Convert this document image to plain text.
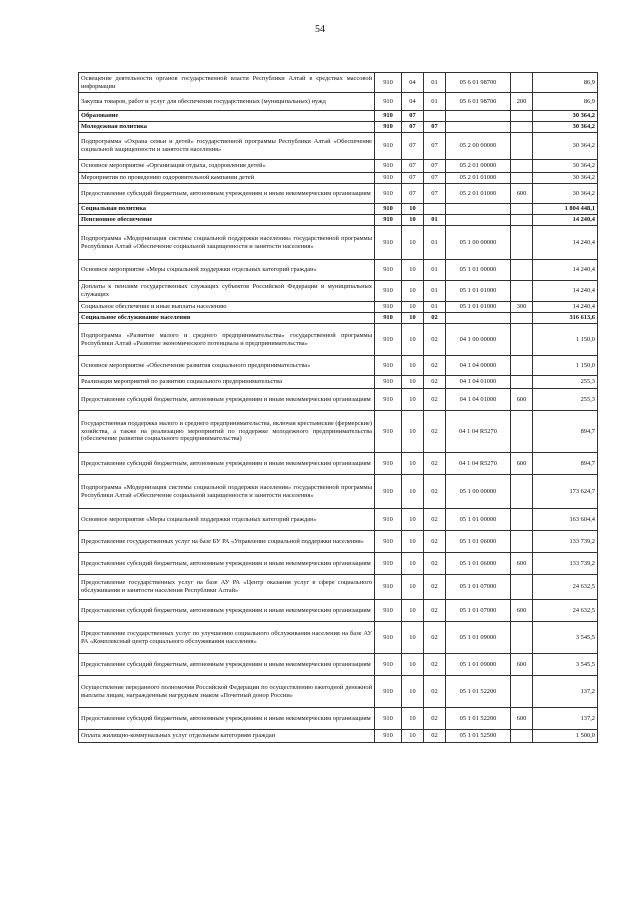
54
Освещение деятельности органов государственной власти Республики Алтай в средствах массовой информации	910	04	01	05 6 01 98700		86,9
Закупка товаров, работ и услуг для обеспечения государственных (муниципальных) нужд	910	04	01	05 6 01 98700	200	86,9
Образование	910	07				30 364,2
Молодежная политика	910	07	07			30 364,2
Подпрограмма «Охрана семьи и детей» государственной программы Республики Алтай «Обеспечение социальной защищенности и занятости населения»	910	07	07	05 2 00 00000		30 364,2
Основное мероприятие «Организация отдыха, оздоровления детей»	910	07	07	05 2 01 00000		30 364,2
Мероприятия по проведению оздоровительной кампании детей	910	07	07	05 2 01 01000		30 364,2
Предоставление субсидий бюджетным, автономным учреждениям и иным некоммерческим организациям	910	07	07	05 2 01 01000	600	30 364,2
Социальная политика	910	10				1 804 448,1
Пенсионное обеспечение	910	10	01			14 240,4
Подпрограмма «Модернизация системы социальной поддержки населения» государственной программы Республики Алтай «Обеспечение социальной защищенности и занятости населения»	910	10	01	05 1 00 00000		14 240,4
Основное мероприятие «Меры социальной поддержки отдельных категорий граждан»	910	10	01	05 1 01 00000		14 240,4
Доплаты к пенсиям государственных служащих субъектов Российской Федерации и муниципальных служащих	910	10	01	05 1 01 01000		14 240,4
Социальное обеспечение и иные выплаты населению	910	10	01	05 1 01 01000	300	14 240,4
Социальное обслуживание населения	910	10	02			316 613,6
Подпрограмма «Развитие малого и среднего предпринимательства» государственной программы Республики Алтай «Развитие экономического потенциала и предпринимательства»	910	10	02	04 1 00 00000		1 150,0
Основное мероприятие «Обеспечение развития социального предпринимательства»	910	10	02	04 1 04 00000		1 150,0
Реализация мероприятий по развитию социального предпринимательства	910	10	02	04 1 04 01000		255,3
Предоставление субсидий бюджетным, автономным учреждениям и иным некоммерческим организациям	910	10	02	04 1 04 01000	600	255,3
Государственная поддержка малого и среднего предпринимательства, включая крестьянские (фермерские) хозяйства, а также на реализацию мероприятий по поддержке молодежного предпринимательства (обеспечение развития социального предпринимательства)	910	10	02	04 1 04 R5270		894,7
Предоставление субсидий бюджетным, автономным учреждениям и иным некоммерческим организациям	910	10	02	04 1 04 R5270	600	894,7
Подпрограмма «Модернизация системы социальной поддержки населения» государственной программы Республики Алтай «Обеспечение социальной защищенности и занятости населения»	910	10	02	05 1 00 00000		173 624,7
Основное мероприятие «Меры социальной поддержки отдельных категорий граждан»	910	10	02	05 1 01 00000		163 604,4
Предоставление государственных услуг на базе БУ РА «Управление социальной поддержки населения»	910	10	02	05 1 01 06000		133 739,2
Предоставление субсидий бюджетным, автономным учреждениям и иным некоммерческим организациям	910	10	02	05 1 01 06000	600	133 739,2
Предоставление государственных услуг на базе АУ РА «Центр оказания услуг в сфере социального обслуживания и занятости населения Республики Алтай»	910	10	02	05 1 01 07000		24 632,5
Предоставление субсидий бюджетным, автономным учреждениям и иным некоммерческим организациям	910	10	02	05 1 01 07000	600	24 632,5
Предоставление государственных услуг по улучшению социального обслуживания населения на базе АУ РА «Комплексный центр социального обслуживания населения»	910	10	02	05 1 01 09000		3 545,5
Предоставление субсидий бюджетным, автономным учреждениям и иным некоммерческим организациям	910	10	02	05 1 01 09000	600	3 545,5
Осуществление переданного полномочия Российской Федерации по осуществлению ежегодной денежной выплаты лицам, награжденным нагрудным знаком «Почетный донор России»	910	10	02	05 1 01 52200		137,2
Предоставление субсидий бюджетным, автономным учреждениям и иным некоммерческим организациям	910	10	02	05 1 01 52200	600	137,2
Оплата жилищно-коммунальных услуг отдельным категориям граждан	910	10	02	05 1 01 52500		1 500,0
